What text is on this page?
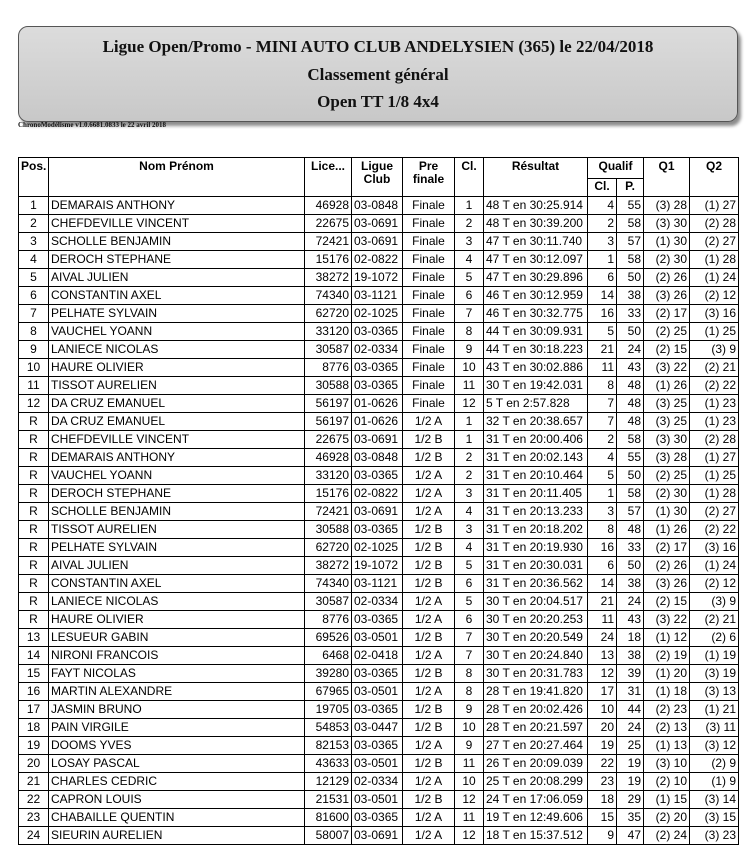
Ligue Open/Promo - MINI AUTO CLUB ANDELYSIEN (365) le 22/04/2018
Classement général
Open TT 1/8 4x4
ChronoModélisme v1.0.6681.0833 le 22 avril 2018
Pos.	Nom Prénom	Lice...	Ligue Club	Pre finale	Cl.	Résultat	Qualif		Q1	Q2
							Cl.	P.		
1	DEMARAIS ANTHONY	46928	03-0848	Finale	1	48 T en 30:25.914	4	55	(3) 28	(1) 27
2	CHEFDEVILLE VINCENT	22675	03-0691	Finale	2	48 T en 30:39.200	2	58	(3) 30	(2) 28
3	SCHOLLE BENJAMIN	72421	03-0691	Finale	3	47 T en 30:11.740	3	57	(1) 30	(2) 27
4	DEROCH STEPHANE	15176	02-0822	Finale	4	47 T en 30:12.097	1	58	(2) 30	(1) 28
5	AIVAL JULIEN	38272	19-1072	Finale	5	47 T en 30:29.896	6	50	(2) 26	(1) 24
6	CONSTANTIN AXEL	74340	03-1121	Finale	6	46 T en 30:12.959	14	38	(3) 26	(2) 12
7	PELHATE SYLVAIN	62720	02-1025	Finale	7	46 T en 30:32.775	16	33	(2) 17	(3) 16
8	VAUCHEL YOANN	33120	03-0365	Finale	8	44 T en 30:09.931	5	50	(2) 25	(1) 25
9	LANIECE NICOLAS	30587	02-0334	Finale	9	44 T en 30:18.223	21	24	(2) 15	(3) 9
10	HAURE OLIVIER	8776	03-0365	Finale	10	43 T en 30:02.886	11	43	(3) 22	(2) 21
11	TISSOT AURELIEN	30588	03-0365	Finale	11	30 T en 19:42.031	8	48	(1) 26	(2) 22
12	DA CRUZ EMANUEL	56197	01-0626	Finale	12	5 T en 2:57.828	7	48	(3) 25	(1) 23
R	DA CRUZ EMANUEL	56197	01-0626	1/2 A	1	32 T en 20:38.657	7	48	(3) 25	(1) 23
R	CHEFDEVILLE VINCENT	22675	03-0691	1/2 B	1	31 T en 20:00.406	2	58	(3) 30	(2) 28
R	DEMARAIS ANTHONY	46928	03-0848	1/2 B	2	31 T en 20:02.143	4	55	(3) 28	(1) 27
R	VAUCHEL YOANN	33120	03-0365	1/2 A	2	31 T en 20:10.464	5	50	(2) 25	(1) 25
R	DEROCH STEPHANE	15176	02-0822	1/2 A	3	31 T en 20:11.405	1	58	(2) 30	(1) 28
R	SCHOLLE BENJAMIN	72421	03-0691	1/2 A	4	31 T en 20:13.233	3	57	(1) 30	(2) 27
R	TISSOT AURELIEN	30588	03-0365	1/2 B	3	31 T en 20:18.202	8	48	(1) 26	(2) 22
R	PELHATE SYLVAIN	62720	02-1025	1/2 B	4	31 T en 20:19.930	16	33	(2) 17	(3) 16
R	AIVAL JULIEN	38272	19-1072	1/2 B	5	31 T en 20:30.031	6	50	(2) 26	(1) 24
R	CONSTANTIN AXEL	74340	03-1121	1/2 B	6	31 T en 20:36.562	14	38	(3) 26	(2) 12
R	LANIECE NICOLAS	30587	02-0334	1/2 A	5	30 T en 20:04.517	21	24	(2) 15	(3) 9
R	HAURE OLIVIER	8776	03-0365	1/2 A	6	30 T en 20:20.253	11	43	(3) 22	(2) 21
13	LESUEUR GABIN	69526	03-0501	1/2 B	7	30 T en 20:20.549	24	18	(1) 12	(2) 6
14	NIRONI FRANCOIS	6468	02-0418	1/2 A	7	30 T en 20:24.840	13	38	(2) 19	(1) 19
15	FAYT NICOLAS	39280	03-0365	1/2 B	8	30 T en 20:31.783	12	39	(1) 20	(3) 19
16	MARTIN ALEXANDRE	67965	03-0501	1/2 A	8	28 T en 19:41.820	17	31	(1) 18	(3) 13
17	JASMIN BRUNO	19705	03-0365	1/2 B	9	28 T en 20:02.426	10	44	(2) 23	(1) 21
18	PAIN VIRGILE	54853	03-0447	1/2 B	10	28 T en 20:21.597	20	24	(2) 13	(3) 11
19	DOOMS YVES	82153	03-0365	1/2 A	9	27 T en 20:27.464	19	25	(1) 13	(3) 12
20	LOSAY PASCAL	43633	03-0501	1/2 B	11	26 T en 20:09.039	22	19	(3) 10	(2) 9
21	CHARLES CEDRIC	12129	02-0334	1/2 A	10	25 T en 20:08.299	23	19	(2) 10	(1) 9
22	CAPRON LOUIS	21531	03-0501	1/2 B	12	24 T en 17:06.059	18	29	(1) 15	(3) 14
23	CHABAILLE QUENTIN	81600	03-0365	1/2 A	11	19 T en 12:49.606	15	35	(2) 20	(3) 15
24	SIEURIN AURELIEN	58007	03-0691	1/2 A	12	18 T en 15:37.512	9	47	(2) 24	(3) 23
